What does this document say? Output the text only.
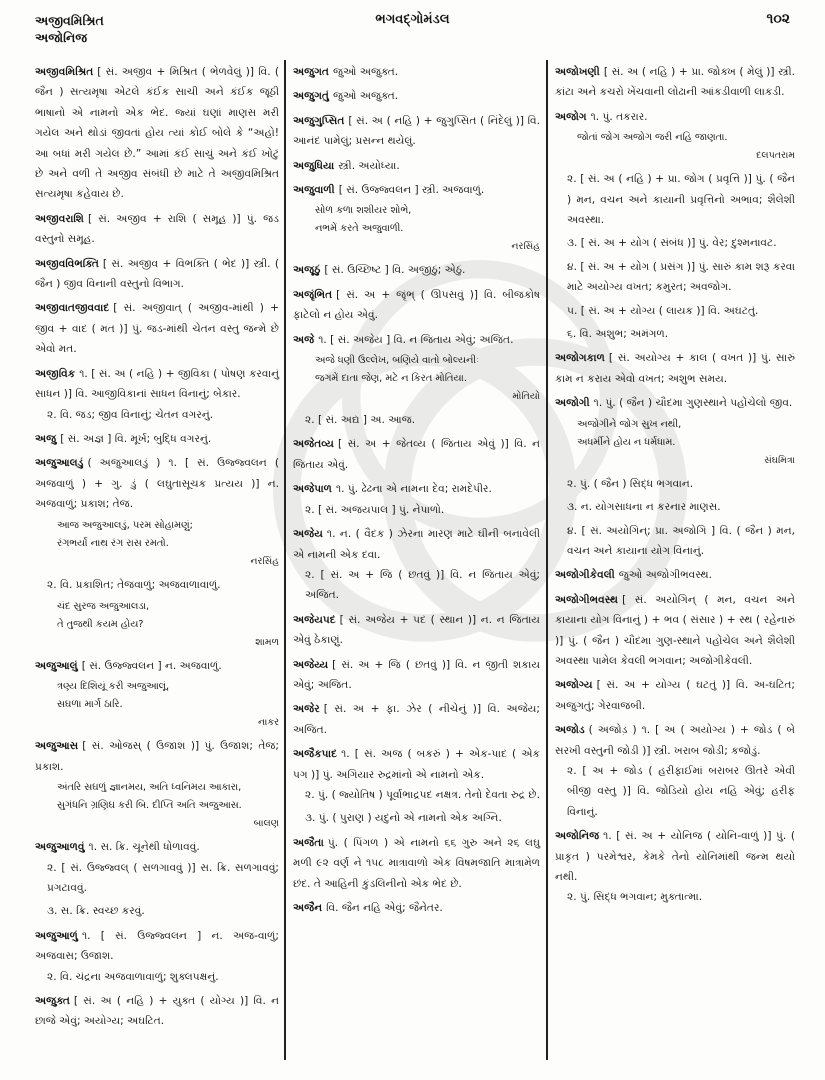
અજીવમિશ્રિત
અજોનિજ
ભગવદ્ગોમંડલ	૧૦૨
અજીવમિશ્રિત [ સં. અજીવ + મિશ્રિત ( ભેળવેલું )] વિ. ( જૈન ) સત્યમૃષા એટલે કંઈક સાચી અને કંઈક જૂઠી ભાષાનો એ નામનો એક ભેદ. જ્યાં ઘણાં માણસ મરી ગયેલ અને થોડાં જીવતાં હોય ત્યાં કોઈ બોલે કે “અહો! આ બધાં મરી ગયેલ છે.” આમાં કંઈ સાચું અને કંઈ ખોટું છે અને વળી તે અજીવ સંબંધી છે માટે તે અજીવમિશ્રિત સત્યમૃષા કહેવાય છે.
અજીવરાશિ [ સં. અજીવ + રાશિ ( સમૂહ )] પું. જડ વસ્તુનો સમૂહ.
અજીવવિભક્તિ [ સં. અજીવ + વિભક્તિ ( ભેદ )] સ્ત્રી. ( જૈન ) જીવ વિનાની વસ્તુનો વિભાગ.
અજીવાતજીવવાદ [ સં. અજીવાત્ ( અજીવ-માંથી ) + જીવ + વાદ ( મત )] પું. જડ-માંથી ચેતન વસ્તુ જન્મે છે એવો મત.
અજીવિક ૧. [ સં. અ ( નહિ ) + જીવિકા ( પોષણ કરવાનું સાધન )] વિ. આજીવિકાનાં સાધન વિનાનું; બેકાર.
૨. વિ. જડ; જીવ વિનાનું; ચેતન વગરનું.
અજુ [ સં. અજ્ઞ ] વિ. મૂર્ખ; બુદ્ધિ વગરનું.
અજુઆલડું ( અજુઆલડું ) ૧. [ સં. ઉજ્જ્વલન ( અજવાળું ) + ગુ. ડું ( લઘુતાસૂચક પ્રત્યય )] ન. અજવાળું; પ્રકાશ; તેજ.
આજ અજુઆલડું, પરમ સોહામણું;
રંગભર્યાં નાથ રંગ રાસ રમતો.
નરસિંહ
૨. વિ. પ્રકાશિત; તેજવાળું; અજવાળાવાળું.
ચંદ સુરજ અજુઆલડા,
તે તુજથી કયમ હોય?
શામળ
અજુઆલું [ સં. ઉજ્જ્વલન ] ન. અજવાળું.
ત્રણ્ય દિશિયૂં કરી અજુઆલૂં,
સઘળા માર્ગ ઠારિ.
નાકર
અજુઆસ [ સં. ઓજસ્ ( ઉજાશ )] પું. ઉજાશ; તેજ; પ્રકાશ.
અંતરિ સઘળું જ્ઞાનમય, અતિ ધ્વનિમય આકારા,
સુગંધનિ ગ્રણિઘ કરી બિ. દીપ્તિ અતિ અજુઆસ.
બાલણ
અજુઆળવું ૧. સ. ક્રિ. ચૂનેથી ધોળાવવું.
૨. [ સં. ઉજ્જ્વલ્ ( સળગાવવું )] સ. ક્રિ. સળગાવવું; પ્રગટાવવું.
૩. સ. ક્રિ. સ્વચ્છ કરવું.
અજુઆળું ૧. [ સં. ઉજ્જ્વલન ] ન. અજ-વાળું; અજવાસ; ઉજાશ.
૨. વિ. ચંદ્રના અજવાળાવાળું; શુક્લપક્ષનું.
અજુક્ત [ સં. અ ( નહિ ) + યુક્ત ( યોગ્ય )] વિ. ન છાજે એવું; અયોગ્ય; અઘટિત.
અજુગત જુઓ અજુક્ત.
અજુગતું જુઓ અજુક્ત.
અજુગુપ્સિત [ સં. અ ( નહિ ) + જુગુપ્સિત ( નિંદેલું )] વિ. આનંદ પામેલું; પ્રસન્ન થયેલું.
અજુધિયા સ્ત્રી. અયોધ્યા.
અજુવાળી [ સં. ઉજ્જ્વલન ] સ્ત્રી. અજવાળું.
સોળ કળા શશીયર શોભે,
નભમેં કરતે અજુવાળી.
નરસિંહ
અજૂઠું [ સં. ઉચ્છિષ્ટ ] વિ. અજીઠું; એઠું.
અજૃંભિત [ સં. અ + જૃંભ્ ( ઊપસવું )] વિ. બીજકોષ ફાટેલો ન હોય એવું.
અજે ૧. [ સં. અજેય ] વિ. ન જિતાય એવું; અજિત.
અજે ધણી ઉલ્લેખ, બણિયે વાતો બોલ્યનીઃ
જગમેં દાતા જેણ, મટે ન કિરત મોતિયા.
મોતિયો
૨. [ સં. અદ્ય ] અ. આજ.
અજેતવ્ય [ સં. અ + જેતવ્ય ( જિતાય એવું )] વિ. ન જિતાય એવું.
અજેપાળ ૧. પું. ઢેઢના એ નામના દેવ; રામદેપીર.
૨. [ સં. અજયપાલ ] પું. નેપાળો.
અજેય ૧. ન. ( વૈદક ) ઝેરના મારણ માટે ઘીની બનાવેલી એ નામની એક દવા.
૨. [ સં. અ + જિ ( છતવું )] વિ. ન જિતાય એવું; અજિત.
અજેયપદ [ સં. અજેય + પદ ( સ્થાન )] ન. ન જિતાય એવું ઠેકાણું.
અજેય્ય [ સં. અ + જિ ( છતવું )] વિ. ન જીતી શકાય એવું; અજિત.
અજેર [ સં. અ + ફા. ઝેર ( નીચેનું )] વિ. અજેય; અજિત.
અજૈકપાદ ૧. [ સં. અજ ( બકરું ) + એક-પાદ ( એક પગ )] પું. અગિયાર રુદ્રમાંનો એ નામનો એક.
૨. પું. ( જ્યોતિષ ) પૂર્વાભાદ્રપદ નક્ષત્ર. તેનો દેવતા રુદ્ર છે.
૩. પું. ( પુરાણ ) યદુનો એ નામનો એક અગ્નિ.
અજૈતા પું. ( પિંગળ ) એ નામનો ૬૬ ગુરુ અને ૨૬ લઘુ મળી ૯૨ વર્ણ ને ૧૫૮ માત્રાવાળો એક વિષમજાતિ માત્રામેળ છંદ. તે આહિની કુંડલિનીનો એક ભેદ છે.
અજૈન વિ. જૈન નહિ એવું; જૈનેતર.
અજોખણી [ સં. અ ( નહિ ) + પ્રા. જોક્ખ ( મેલું )] સ્ત્રી. કાંટા અને કચરો ખેંચવાની લોઢાની આંકડીવાળી લાકડી.
અજોગ ૧. પું. તકરાર.
જોતાં જોગ અજોગ જરી નહિ જાણતા.
દલપતરામ
૨. [ સં. અ ( નહિ ) + પ્રા. જોગ ( પ્રવૃત્તિ )] પું. ( જૈન ) મન, વચન અને કાયાની પ્રવૃત્તિનો અભાવ; શૈલેશી અવસ્થા.
૩. [ સં. અ + યોગ ( સંબંધ )] પું. વેર; દુશ્મનાવટ.
૪. [ સં. અ + યોગ ( પ્રસંગ )] પું. સારું કામ શરૂ કરવા માટે અયોગ્ય વખત; કમુરત; અવજોગ.
૫. [ સં. અ + યોગ્ય ( લાયક )] વિ. અઘટતું.
૬. વિ. અશુભ; અમંગળ.
અજોગકાળ [ સં. અયોગ્ય + કાલ ( વખત )] પું. સારું કામ ન કરાય એવો વખત; અશુભ સમય.
અજોગી ૧. પું. ( જૈન ) ચૌદમા ગુણસ્થાને પહોંચેલો જીવ.
અજોગીને જોગ સુખ નથી,
અધર્મીને હોય ન ધર્મધામ.
સંઘમિત્રા
૨. પું. ( જૈન ) સિદ્ધ ભગવાન.
૩. ન. યોગસાધના ન કરનાર માણસ.
૪. [ સં. અયોગિન્; પ્રા. અજોગિ ] વિ. ( જૈન ) મન, વચન અને કાયાના યોગ વિનાનું.
અજોગીકેવલી જુઓ અજોગીભવસ્થ.
અજોગીભવસ્થ [ સં. અયોગિન્ ( મન, વચન અને કાયાના યોગ વિનાનું ) + ભવ ( સંસાર ) + સ્થ ( રહેનારું )] પું. ( જૈન ) ચૌદમા ગુણ-સ્થાને પહોંચેલ અને શૈલેશી અવસ્થા પામેલ કેવલી ભગવાન; અજોગીકેવલી.
અજોગ્ય [ સં. અ + યોગ્ય ( ઘટતું )] વિ. અ-ઘટિત; અજુગતું; ગેરવાજબી.
અજોડ ( અજોડ઼ ) ૧. [ અ ( અયોગ્ય ) + જોડ ( બે સરખી વસ્તુની જોડી )] સ્ત્રી. ખરાબ જોડી; કજોડું.
૨. [ અ + જોડ ( હરીફાઈમાં બરાબર ઊતરે એવી બીજી વસ્તુ )] વિ. જોડિયો હોય નહિ એવું; હરીફ વિનાનું.
અજોનિજ ૧. [ સં. અ + યોનિજ ( યોનિ-વાળું )] પું. ( પ્રાકૃત ) પરમેશ્વર, કેમકે તેનો યોનિમાંથી જન્મ થયો નથી.
૨. પું. સિદ્ધ ભગવાન; મુક્તાત્મા.
